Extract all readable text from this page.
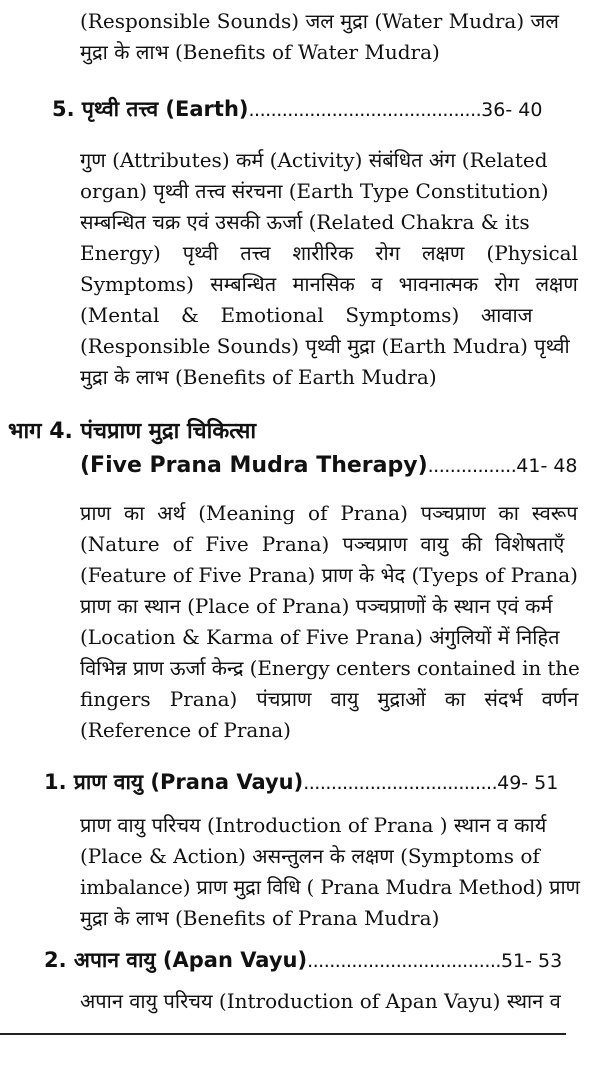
(Responsible Sounds) जल मुद्रा (Water Mudra) जल
मुद्रा के लाभ (Benefits of Water Mudra)
5. पृथ्वी तत्त्व (Earth)..........................................36- 40
गुण (Attributes) कर्म (Activity) संबंधित अंग (Related
organ) पृथ्वी तत्त्व संरचना (Earth Type Constitution)
सम्बन्धित चक्र एवं उसकी ऊर्जा (Related Chakra & its
Energy) पृथ्वी तत्त्व शारीरिक रोग लक्षण (Physical
Symptoms) सम्बन्धित मानसिक व भावनात्मक रोग लक्षण
(Mental & Emotional Symptoms) आवाज
(Responsible Sounds) पृथ्वी मुद्रा (Earth Mudra) पृथ्वी
मुद्रा के लाभ (Benefits of Earth Mudra)
भाग 4. पंचप्राण मुद्रा चिकित्सा
(Five Prana Mudra Therapy)................41- 48
प्राण का अर्थ (Meaning of Prana) पञ्चप्राण का स्वरूप
(Nature of Five Prana) पञ्चप्राण वायु की विशेषताएँ
(Feature of Five Prana) प्राण के भेद (Tyeps of Prana)
प्राण का स्थान (Place of Prana) पञ्चप्राणों के स्थान एवं कर्म
(Location & Karma of Five Prana) अंगुलियों में निहित
विभिन्न प्राण ऊर्जा केन्द्र (Energy centers contained in the
fingers Prana) पंचप्राण वायु मुद्राओं का संदर्भ वर्णन
(Reference of Prana)
1. प्राण वायु (Prana Vayu)...................................49- 51
प्राण वायु परिचय (Introduction of Prana ) स्थान व कार्य
(Place & Action) असन्तुलन के लक्षण (Symptoms of
imbalance) प्राण मुद्रा विधि ( Prana Mudra Method) प्राण
मुद्रा के लाभ (Benefits of Prana Mudra)
2. अपान वायु (Apan Vayu)...................................51- 53
अपान वायु परिचय (Introduction of Apan Vayu) स्थान व
